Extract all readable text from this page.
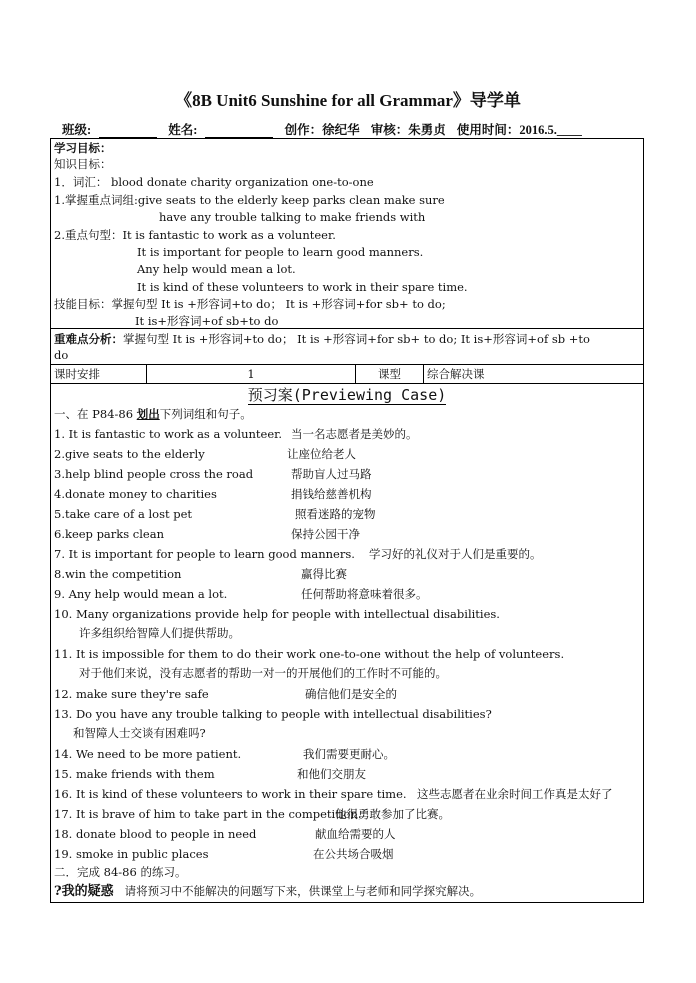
《8B Unit6 Sunshine for all Grammar》导学单
班级:	姓名:	创作：徐纪华 审核：朱勇贞 使用时间：2016.5.____
学习目标：
知识目标：
1．词汇： blood donate charity organization one-to-one
1.掌握重点词组:give seats to the elderly keep parks clean make sure
have any trouble talking to make friends with
2.重点句型：It is fantastic to work as a volunteer.
It is important for people to learn good manners.
Any help would mean a lot.
It is kind of these volunteers to work in their spare time.
技能目标：掌握句型 It is +形容词+to do； It is +形容词+for sb+ to do;
It is+形容词+of sb+to do
重难点分析：掌握句型 It is +形容词+to do； It is +形容词+for sb+ to do; It is+形容词+of sb +to
do
课时安排	1	课型	综合解决课
预习案(Previewing Case)
一、在 P84-86 划出下列词组和句子。
1. It is fantastic to work as a volunteer. 当一名志愿者是美妙的。
2.give seats to the elderly	让座位给老人
3.help blind people cross the road	帮助盲人过马路
4.donate money to charities	捐钱给慈善机构
5.take care of a lost pet	照看迷路的宠物
6.keep parks clean	保持公园干净
7. It is important for people to learn good manners. 学习好的礼仪对于人们是重要的。
8.win the competition	赢得比赛
9. Any help would mean a lot.	任何帮助将意味着很多。
10. Many organizations provide help for people with intellectual disabilities.
许多组织给智障人们提供帮助。
11. It is impossible for them to do their work one-to-one without the help of volunteers.
对于他们来说，没有志愿者的帮助一对一的开展他们的工作时不可能的。
12. make sure they're safe	确信他们是安全的
13. Do you have any trouble talking to people with intellectual disabilities?
和智障人士交谈有困难吗?
14. We need to be more patient.	我们需要更耐心。
15. make friends with them	和他们交朋友
16. It is kind of these volunteers to work in their spare time. 这些志愿者在业余时间工作真是太好了
17. It is brave of him to take part in the competition.
他很勇敢参加了比赛。
18. donate blood to people in need	献血给需要的人
19. smoke in public places	在公共场合吸烟
二．完成 84-86 的练习。
?我的疑惑 请将预习中不能解决的问题写下来，供课堂上与老师和同学探究解决。
